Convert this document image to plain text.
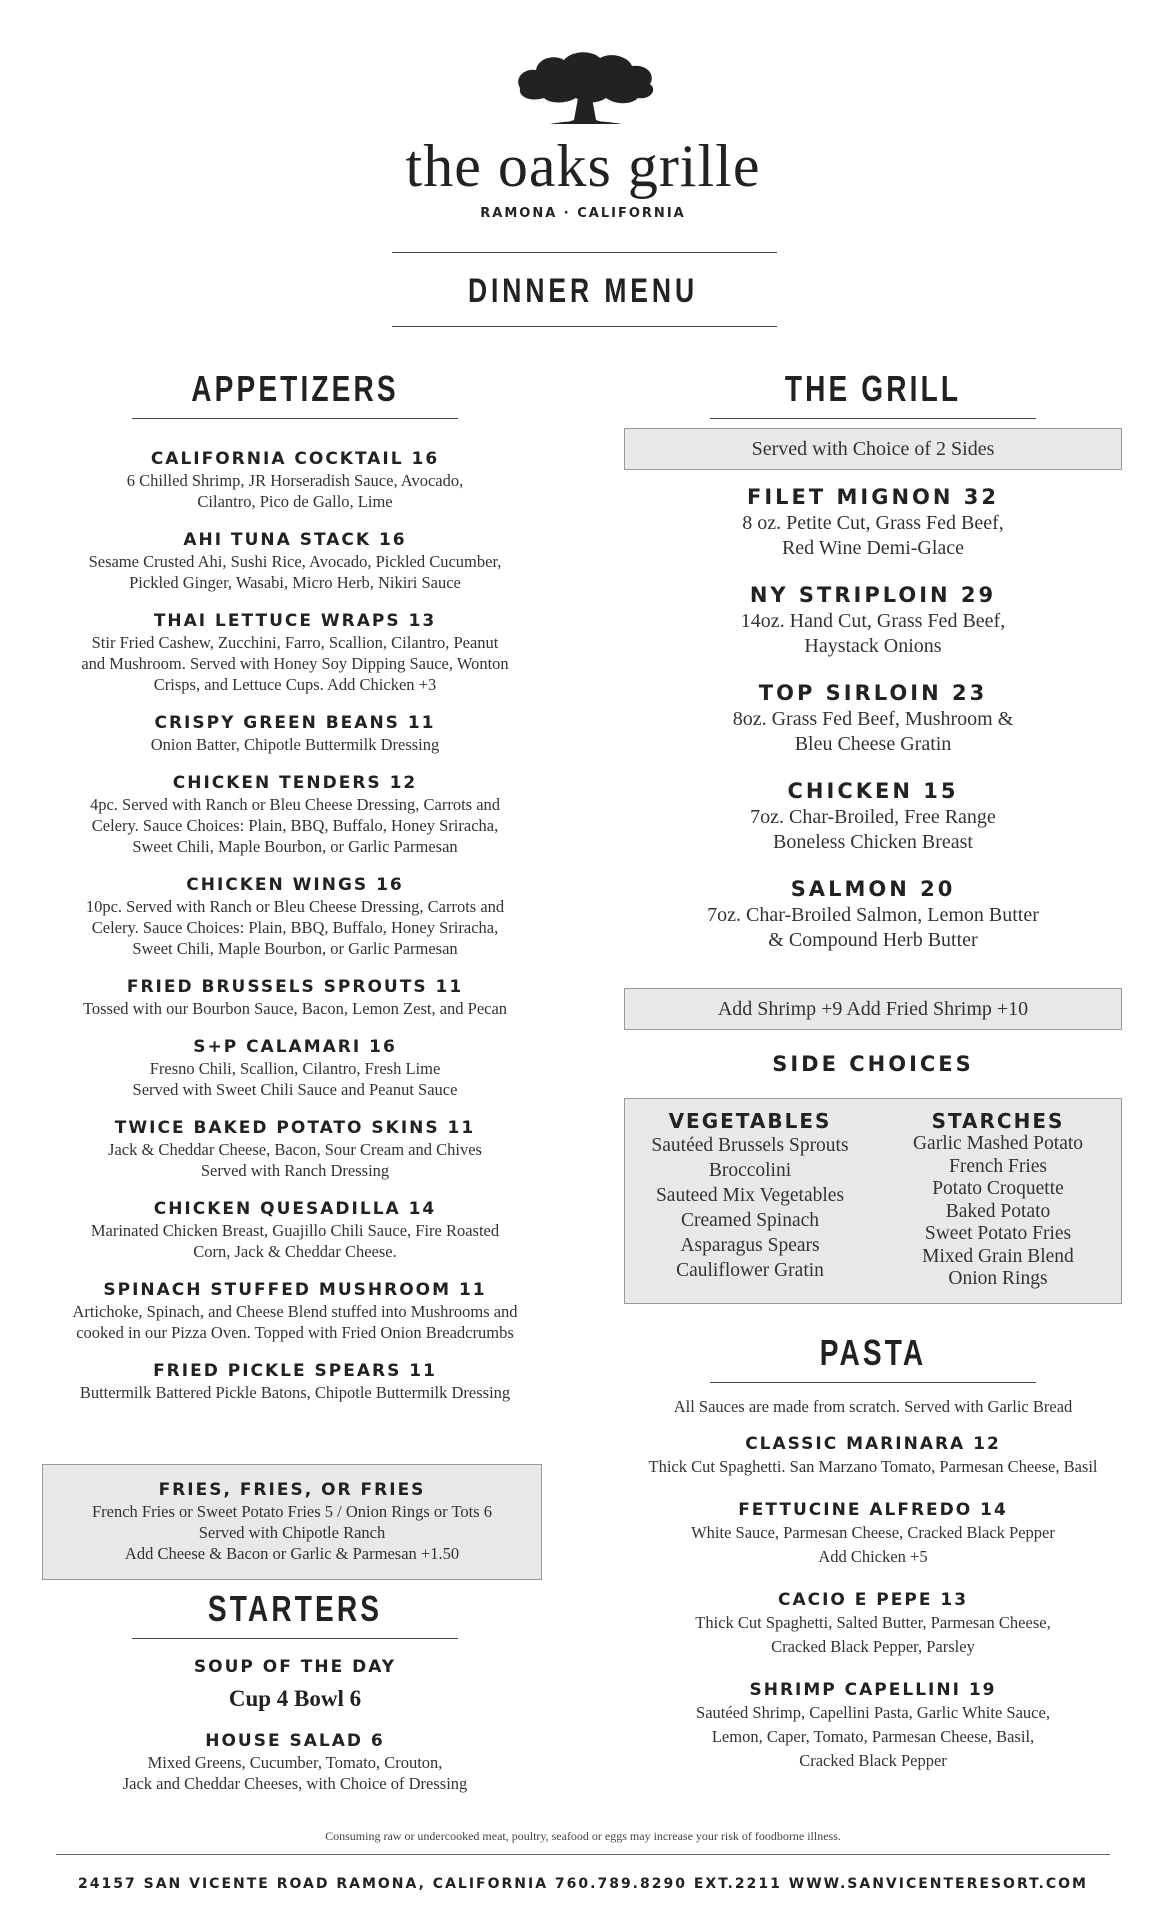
the oaks grille
RAMONA · CALIFORNIA
DINNER MENU
APPETIZERS
CALIFORNIA COCKTAIL 16
6 Chilled Shrimp, JR Horseradish Sauce, Avocado,
Cilantro, Pico de Gallo, Lime
AHI TUNA STACK 16
Sesame Crusted Ahi, Sushi Rice, Avocado, Pickled Cucumber,
Pickled Ginger, Wasabi, Micro Herb, Nikiri Sauce
THAI LETTUCE WRAPS 13
Stir Fried Cashew, Zucchini, Farro, Scallion, Cilantro, Peanut
and Mushroom. Served with Honey Soy Dipping Sauce, Wonton
Crisps, and Lettuce Cups. Add Chicken +3
CRISPY GREEN BEANS 11
Onion Batter, Chipotle Buttermilk Dressing
CHICKEN TENDERS 12
4pc. Served with Ranch or Bleu Cheese Dressing, Carrots and
Celery. Sauce Choices: Plain, BBQ, Buffalo, Honey Sriracha,
Sweet Chili, Maple Bourbon, or Garlic Parmesan
CHICKEN WINGS 16
10pc. Served with Ranch or Bleu Cheese Dressing, Carrots and
Celery. Sauce Choices: Plain, BBQ, Buffalo, Honey Sriracha,
Sweet Chili, Maple Bourbon, or Garlic Parmesan
FRIED BRUSSELS SPROUTS 11
Tossed with our Bourbon Sauce, Bacon, Lemon Zest, and Pecan
S+P CALAMARI 16
Fresno Chili, Scallion, Cilantro, Fresh Lime
Served with Sweet Chili Sauce and Peanut Sauce
TWICE BAKED POTATO SKINS 11
Jack & Cheddar Cheese, Bacon, Sour Cream and Chives
Served with Ranch Dressing
CHICKEN QUESADILLA 14
Marinated Chicken Breast, Guajillo Chili Sauce, Fire Roasted
Corn, Jack & Cheddar Cheese.
SPINACH STUFFED MUSHROOM 11
Artichoke, Spinach, and Cheese Blend stuffed into Mushrooms and
cooked in our Pizza Oven. Topped with Fried Onion Breadcrumbs
FRIED PICKLE SPEARS 11
Buttermilk Battered Pickle Batons, Chipotle Buttermilk Dressing
FRIES, FRIES, OR FRIES
French Fries or Sweet Potato Fries 5 / Onion Rings or Tots 6
Served with Chipotle Ranch
Add Cheese & Bacon or Garlic & Parmesan +1.50
STARTERS
SOUP OF THE DAY
Cup 4 Bowl 6
HOUSE SALAD 6
Mixed Greens, Cucumber, Tomato, Crouton,
Jack and Cheddar Cheeses, with Choice of Dressing
THE GRILL
Served with Choice of 2 Sides
FILET MIGNON 32
8 oz. Petite Cut, Grass Fed Beef,
Red Wine Demi-Glace
NY STRIPLOIN 29
14oz. Hand Cut, Grass Fed Beef,
Haystack Onions
TOP SIRLOIN 23
8oz. Grass Fed Beef, Mushroom &
Bleu Cheese Gratin
CHICKEN 15
7oz. Char-Broiled, Free Range
Boneless Chicken Breast
SALMON 20
7oz. Char-Broiled Salmon, Lemon Butter
& Compound Herb Butter
Add Shrimp +9 Add Fried Shrimp +10
SIDE CHOICES
VEGETABLES
Sautéed Brussels Sprouts
Broccolini
Sauteed Mix Vegetables
Creamed Spinach
Asparagus Spears
Cauliflower Gratin
STARCHES
Garlic Mashed Potato
French Fries
Potato Croquette
Baked Potato
Sweet Potato Fries
Mixed Grain Blend
Onion Rings
PASTA
All Sauces are made from scratch. Served with Garlic Bread
CLASSIC MARINARA 12
Thick Cut Spaghetti. San Marzano Tomato, Parmesan Cheese, Basil
FETTUCINE ALFREDO 14
White Sauce, Parmesan Cheese, Cracked Black Pepper
Add Chicken +5
CACIO E PEPE 13
Thick Cut Spaghetti, Salted Butter, Parmesan Cheese,
Cracked Black Pepper, Parsley
SHRIMP CAPELLINI 19
Sautéed Shrimp, Capellini Pasta, Garlic White Sauce,
Lemon, Caper, Tomato, Parmesan Cheese, Basil,
Cracked Black Pepper
Consuming raw or undercooked meat, poultry, seafood or eggs may increase your risk of foodborne illness.
24157 SAN VICENTE ROAD RAMONA, CALIFORNIA 760.789.8290 EXT.2211 WWW.SANVICENTERESORT.COM
